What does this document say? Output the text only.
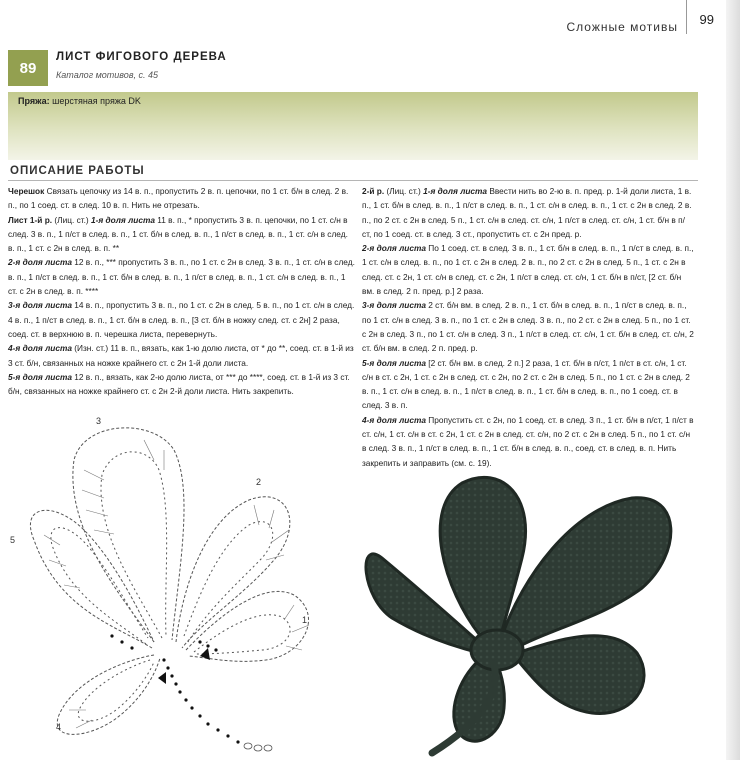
Сложные мотивы 99
89
ЛИСТ ФИГОВОГО ДЕРЕВА
Каталог мотивов, с. 45
Пряжа: шерстяная пряжа DK
ОПИСАНИЕ РАБОТЫ

Черешок Связать цепочку из 14 в. п., пропустить 2 в. п. цепочки, по 1 ст. б/н в след. 2 в. п., по 1 соед. ст. в след. 10 в. п. Нить не отрезать.

Лист 1-й р. (Лиц. ст.) 1-я доля листа 11 в. п., * пропустить 3 в. п. цепочки, по 1 ст. с/н в след. 3 в. п., 1 п/ст в след. в. п., 1 ст. б/н в след. в. п., 1 п/ст в след. в. п., 1 ст. с/н в след. в. п., 1 ст. с 2н в след. в. п. **

2-я доля листа 12 в. п., *** пропустить 3 в. п., по 1 ст. с 2н в след. 3 в. п., 1 ст. с/н в след. в. п., 1 п/ст в след. в. п., 1 ст. б/н в след. в. п., 1 п/ст в след. в. п., 1 ст. с/н в след. в. п., 1 ст. с 2н в след. в. п. ****

3-я доля листа 14 в. п., пропустить 3 в. п., по 1 ст. с 2н в след. 5 в. п., по 1 ст. с/н в след. 4 в. п., 1 п/ст в след. в. п., 1 ст. б/н в след. в. п., [3 ст. б/н в ножку след. ст. с 2н] 2 раза, соед. ст. в верхнюю в. п. черешка листа, перевернуть.

4-я доля листа (Изн. ст.) 11 в. п., вязать, как 1-ю долю листа, от * до **, соед. ст. в 1-й из 3 ст. б/н, связанных на ножке крайнего ст. с 2н 1-й доли листа.

5-я доля листа 12 в. п., вязать, как 2-ю долю листа, от *** до ****, соед. ст. в 1-й из 3 ст. б/н, связанных на ножке крайнего ст. с 2н 2-й доли листа. Нить закрепить.

2-й р. (Лиц. ст.) 1-я доля листа Ввести нить во 2-ю в. п. пред. р. 1-й доли листа, 1 в. п., 1 ст. б/н в след. в. п., 1 п/ст в след. в. п., 1 ст. с/н в след. в. п., 1 ст. с 2н в след. 2 в. п., по 2 ст. с 2н в след. 5 п., 1 ст. с/н в след. ст. с/н, 1 п/ст в след. ст. с/н, 1 ст. б/н в п/ст, по 1 соед. ст. в след. 3 ст., пропустить ст. с 2н пред. р.

2-я доля листа По 1 соед. ст. в след. 3 в. п., 1 ст. б/н в след. в. п., 1 п/ст в след. в. п., 1 ст. с/н в след. в. п., по 1 ст. с 2н в след. 2 в. п., по 2 ст. с 2н в след. 5 п., 1 ст. с 2н в след. ст. с 2н, 1 ст. с/н в след. ст. с 2н, 1 п/ст в след. ст. с/н, 1 ст. б/н в п/ст, [2 ст. б/н вм. в след. 2 п. пред. р.] 2 раза.

3-я доля листа 2 ст. б/н вм. в след. 2 в. п., 1 ст. б/н в след. в. п., 1 п/ст в след. в. п., по 1 ст. с/н в след. 3 в. п., по 1 ст. с 2н в след. 3 в. п., по 2 ст. с 2н в след. 5 п., по 1 ст. с 2н в след. 3 п., по 1 ст. с/н в след. 3 п., 1 п/ст в след. ст. с/н, 1 ст. б/н в след. ст. с/н, 2 ст. б/н вм. в след. 2 п. пред. р.

5-я доля листа [2 ст. б/н вм. в след. 2 п.] 2 раза, 1 ст. б/н в п/ст, 1 п/ст в ст. с/н, 1 ст. с/н в ст. с 2н, 1 ст. с 2н в след. ст. с 2н, по 2 ст. с 2н в след. 5 п., по 1 ст. с 2н в след. 2 в. п., 1 ст. с/н в след. в. п., 1 п/ст в след. в. п., 1 ст. б/н в след. в. п., по 1 соед. ст. в след. 3 в. п.

4-я доля листа Пропустить ст. с 2н, по 1 соед. ст. в след. 3 п., 1 ст. б/н в п/ст, 1 п/ст в ст. с/н, 1 ст. с/н в ст. с 2н, 1 ст. с 2н в след. ст. с/н, по 2 ст. с 2н в след. 5 п., по 1 ст. с/н в след. 3 в. п., 1 п/ст в след. в. п., 1 ст. б/н в след. в. п., соед. ст. в след. в. п. Нить закрепить и заправить (см. с. 19).

1
2
3
4
5
